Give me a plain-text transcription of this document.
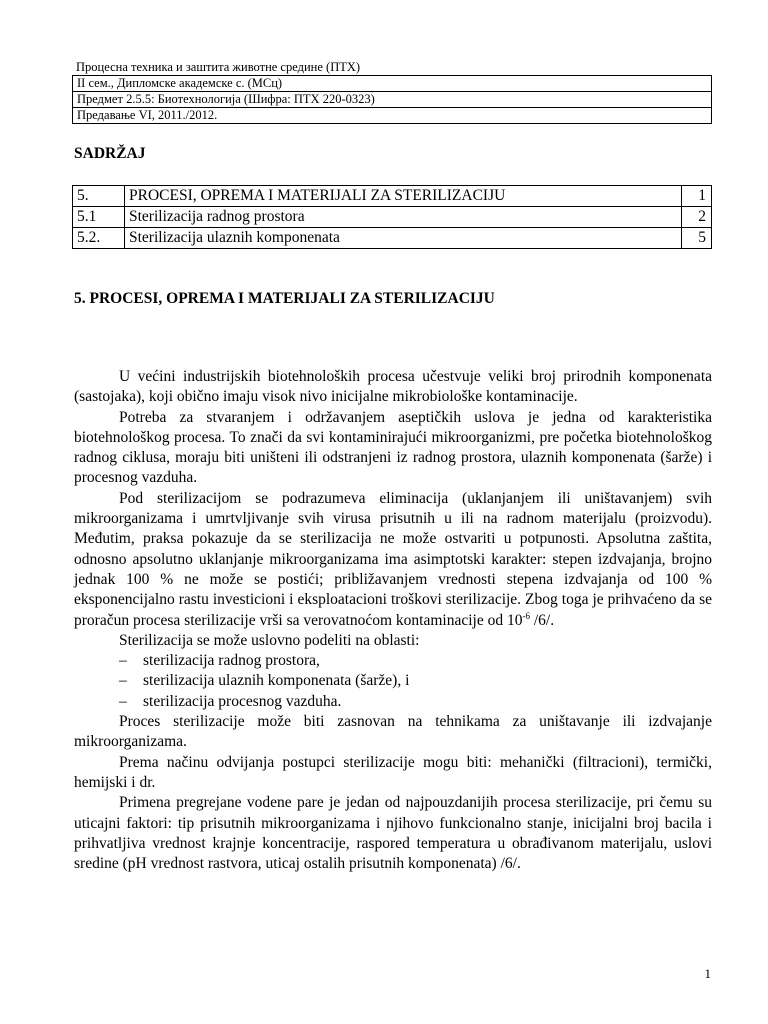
Процесна техника и заштита животне средине (ПТХ)
II сем., Дипломске академске с. (МСц)
Предмет 2.5.5: Биотехнологија (Шифра: ПТХ 220-0323)
Предавање VI, 2011./2012.
SADRŽAJ
5.	PROCESI, OPREMA I MATERIJALI ZA STERILIZACIJU	1
5.1	Sterilizacija radnog prostora	2
5.2.	Sterilizacija ulaznih komponenata	5
5. PROCESI, OPREMA I MATERIJALI ZA STERILIZACIJU

U većini industrijskih biotehnoloških procesa učestvuje veliki broj prirodnih komponenata (sastojaka), koji obično imaju visok nivo inicijalne mikrobiološke kontaminacije.

Potreba za stvaranjem i održavanjem aseptičkih uslova je jedna od karakteristika biotehnološkog procesa. To znači da svi kontaminirajući mikroorganizmi, pre početka biotehnološkog radnog ciklusa, moraju biti uništeni ili odstranjeni iz radnog prostora, ulaznih komponenata (šarže) i procesnog vazduha.

Pod sterilizacijom se podrazumeva eliminacija (uklanjanjem ili uništavanjem) svih mikroorganizama i umrtvljivanje svih virusa prisutnih u ili na radnom materijalu (proizvodu). Međutim, praksa pokazuje da se sterilizacija ne može ostvariti u potpunosti. Apsolutna zaštita, odnosno apsolutno uklanjanje mikroorganizama ima asimptotski karakter: stepen izdvajanja, brojno jednak 100 % ne može se postići; približavanjem vrednosti stepena izdvajanja od 100 % eksponencijalno rastu investicioni i eksploatacioni troškovi sterilizacije. Zbog toga je prihvaćeno da se proračun procesa sterilizacije vrši sa verovatnoćom kontaminacije od $10^{-6}$ /6/.

Sterilizacija se može uslovno podeliti na oblasti:

– sterilizacija radnog prostora,
– sterilizacija ulaznih komponenata (šarže), i
– sterilizacija procesnog vazduha.

Proces sterilizacije može biti zasnovan na tehnikama za uništavanje ili izdvajanje mikroorganizama.

Prema načinu odvijanja postupci sterilizacije mogu biti: mehanički (filtracioni), termički, hemijski i dr.

Primena pregrejane vodene pare je jedan od najpouzdanijih procesa sterilizacije, pri čemu su uticajni faktori: tip prisutnih mikroorganizama i njihovo funkcionalno stanje, inicijalni broj bacila i prihvatljiva vrednost krajnje koncentracije, raspored temperatura u obrađivanom materijalu, uslovi sredine (pH vrednost rastvora, uticaj ostalih prisutnih komponenata) /6/.

1
